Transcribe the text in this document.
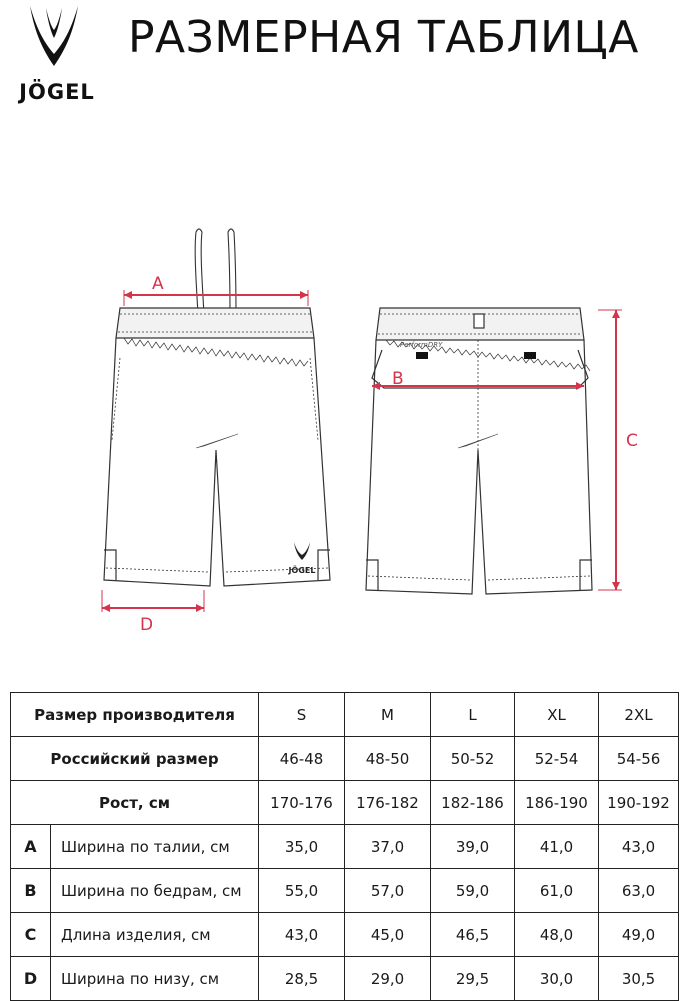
JÖGEL
РАЗМЕРНАЯ ТАБЛИЦА
JÖGEL
A
D
PerformDRY
B
C
Размер производителя		S	M	L	XL	2XL
Российский размер		46-48	48-50	50-52	52-54	54-56
Рост, см		170-176	176-182	182-186	186-190	190-192
A	Ширина по талии, см	35,0	37,0	39,0	41,0	43,0
B	Ширина по бедрам, см	55,0	57,0	59,0	61,0	63,0
C	Длина изделия, см	43,0	45,0	46,5	48,0	49,0
D	Ширина по низу, см	28,5	29,0	29,5	30,0	30,5
